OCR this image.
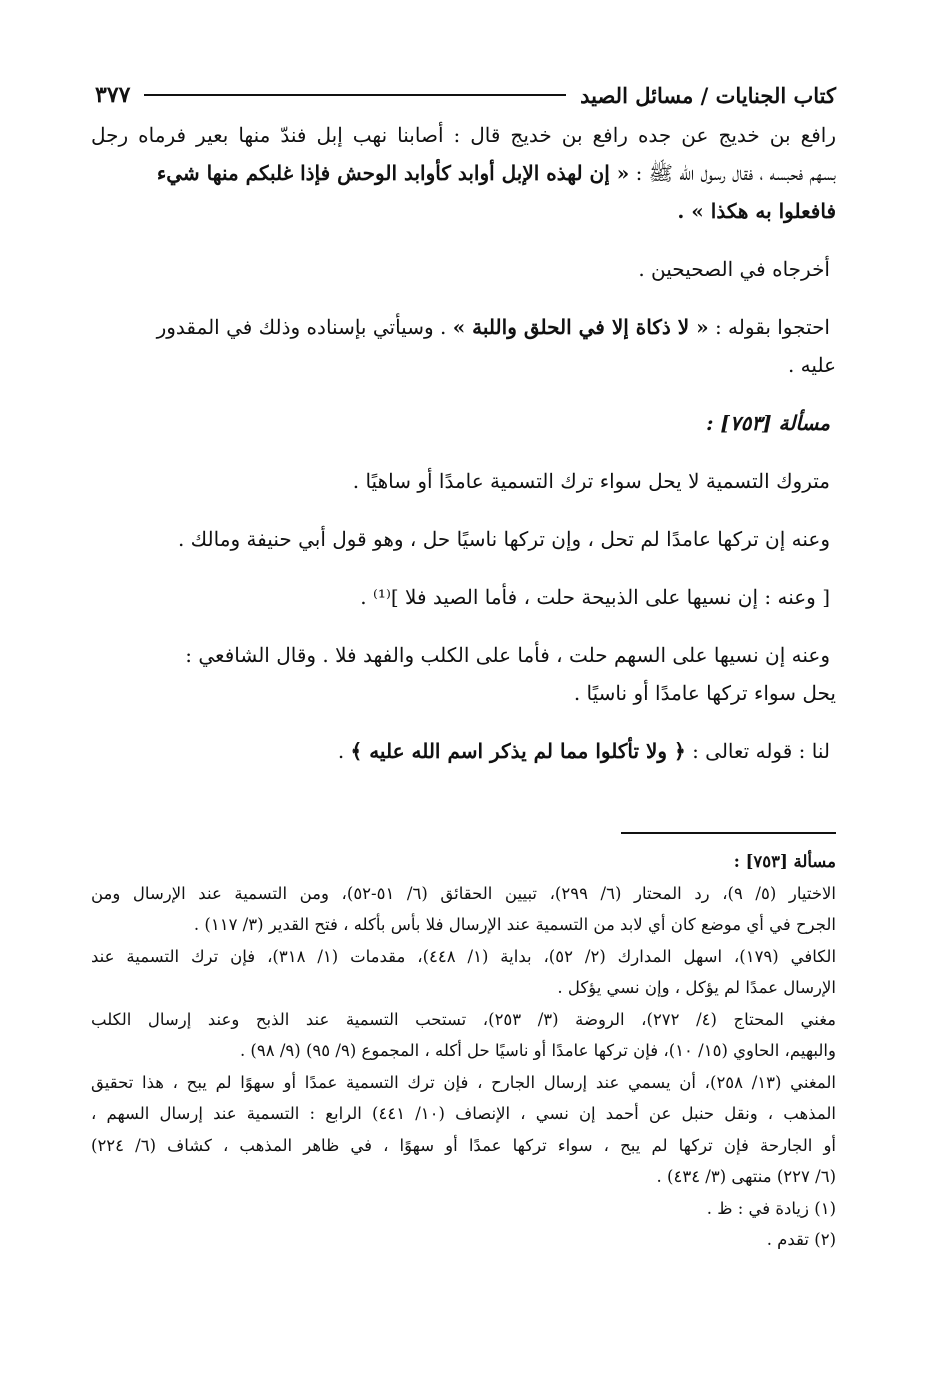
كتاب الجنايات / مسائل الصيد
٣٧٧
رافع بن خديج عن جده رافع بن خديج قال : أصابنا نهب إبل فندّ منها بعير فرماه رجل
بسهم فحبسه ، فقال رسول الله ﷺ : « إن لهذه الإبل أوابد كأوابد الوحش فإذا غلبكم منها شيء
فافعلوا به هكذا » .
أخرجاه في الصحيحين .
احتجوا بقوله : « لا ذكاة إلا في الحلق واللبة » . وسيأتي بإسناده وذلك في المقدور
عليه .
مسألة [٧٥٣] :
متروك التسمية لا يحل سواء ترك التسمية عامدًا أو ساهيًا .
وعنه إن تركها عامدًا لم تحل ، وإن تركها ناسيًا حل ، وهو قول أبي حنيفة ومالك .
[ وعنه : إن نسيها على الذبيحة حلت ، فأما الصيد فلا ]⁽¹⁾ .
وعنه إن نسيها على السهم حلت ، فأما على الكلب والفهد فلا . وقال الشافعي :
يحل سواء تركها عامدًا أو ناسيًا .
لنا : قوله تعالى : ﴿ ولا تأكلوا مما لم يذكر اسم الله عليه ﴾ .
مسألة [٧٥٣] :
الاختيار (٥/ ٩)، رد المحتار (٦/ ٢٩٩)، تبيين الحقائق (٦/ ٥١-٥٢)، ومن التسمية عند الإرسال ومن
الجرح في أي موضع كان أي لابد من التسمية عند الإرسال فلا بأس بأكله ، فتح القدير (٣/ ١١٧) .
الكافي (١٧٩)، اسهل المدارك (٢/ ٥٢)، بداية (١/ ٤٤٨)، مقدمات (١/ ٣١٨)، فإن ترك التسمية عند
الإرسال عمدًا لم يؤكل ، وإن نسي يؤكل .
مغني المحتاج (٤/ ٢٧٢)، الروضة (٣/ ٢٥٣)، تستحب التسمية عند الذبح وعند إرسال الكلب
والبهيم، الحاوي (١٥/ ١٠)، فإن تركها عامدًا أو ناسيًا حل أكله ، المجموع (٩/ ٩٥) (٩/ ٩٨) .
المغني (١٣/ ٢٥٨)، أن يسمي عند إرسال الجارح ، فإن ترك التسمية عمدًا أو سهوًا لم يبح ، هذا تحقيق
المذهب ، ونقل حنبل عن أحمد إن نسي ، الإنصاف (١٠/ ٤٤١) الرابع : التسمية عند إرسال السهم ،
أو الجارحة فإن تركها لم يبح ، سواء تركها عمدًا أو سهوًا ، في ظاهر المذهب ، كشاف (٦/ ٢٢٤)
(٦/ ٢٢٧) منتهى (٣/ ٤٣٤) .
(١) زيادة في : ظ .
(٢) تقدم .
